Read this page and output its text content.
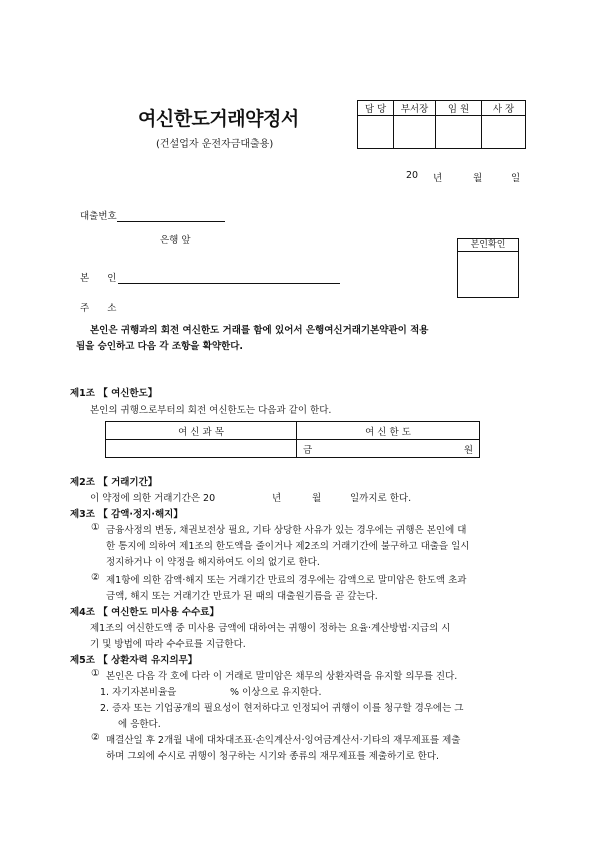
여신한도거래약정서
(건설업자 운전자금대출용)
담 당	부서장	임 원	사 장

20 년	월	일
대출번호
은행 앞	본인확인
본      인
주      소
본인은 귀행과의 회전 여신한도 거래를 함에 있어서 은행여신거래기본약관이 적용
됨을 승인하고 다음 각 조항을 확약한다.
제1조 【 여신한도】
본인의 귀행으로부터의 회전 여신한도는 다음과 같이 한다.
여 신 과 목	여 신 한 도
	금 원
제2조 【 거래기간】
이 약정에 의한 거래기간은 20	년	월	일까지로 한다.
제3조 【 감액·정지·해지】
① 금융사정의 변동, 채권보전상 필요, 기타 상당한 사유가 있는 경우에는 귀행은 본인에 대
한 통지에 의하여 제1조의 한도액을 줄이거나 제2조의 거래기간에 불구하고 대출을 일시
정지하거나 이 약정을 해지하여도 이의 없기로 한다.
② 제1항에 의한 감액·해지 또는 거래기간 만료의 경우에는 감액으로 말미암은 한도액 초과
금액, 해지 또는 거래기간 만료가 된 때의 대출원기름을 곧 갚는다.
제4조 【 여신한도 미사용 수수료】
제1조의 여신한도액 중 미사용 금액에 대하여는 귀행이 정하는 요율·계산방법·지급의 시
기 및 방법에 따라 수수료를 지급한다.
제5조 【 상환자력 유지의무】
① 본인은 다음 각 호에 다라 이 거래로 말미암은 채무의 상환자력을 유지할 의무를 진다.
1. 자기자본비율을	% 이상으로 유지한다.
2. 증자 또는 기업공개의 필요성이 현저하다고 인정되어 귀행이 이를 청구할 경우에는 그
에 응한다.
② 매결산일 후 2개월 내에 대차대조표·손익계산서·잉여금계산서·기타의 재무제표를 제출
하며 그외에 수시로 귀행이 청구하는 시기와 종류의 재무제표를 제출하기로 한다.
